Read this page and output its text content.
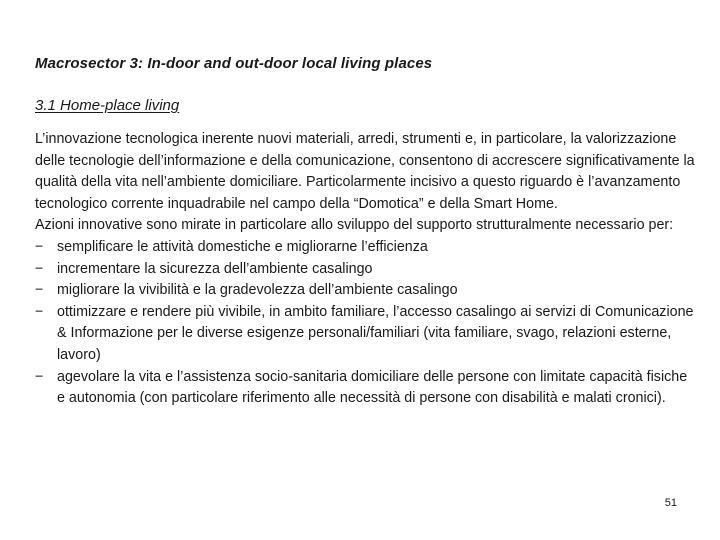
Macrosector 3: In-door and out-door local living places
3.1 Home-place living

L’innovazione tecnologica inerente nuovi materiali, arredi, strumenti e, in particolare, la valorizzazione delle tecnologie dell’informazione e della comunicazione, consentono di accrescere significativamente la qualità della vita nell’ambiente domiciliare. Particolarmente incisivo a questo riguardo è l’avanzamento tecnologico corrente inquadrabile nel campo della “Domotica” e della Smart Home.

Azioni innovative sono mirate in particolare allo sviluppo del supporto strutturalmente necessario per:

− semplificare le attività domestiche e migliorarne l’efficienza
− incrementare la sicurezza dell’ambiente casalingo
− migliorare la vivibilità e la gradevolezza dell’ambiente casalingo
− ottimizzare e rendere più vivibile, in ambito familiare, l’accesso casalingo ai servizi di Comunicazione & Informazione per le diverse esigenze personali/familiari (vita familiare, svago, relazioni esterne, lavoro)
− agevolare la vita e l’assistenza socio-sanitaria domiciliare delle persone con limitate capacità fisiche e autonomia (con particolare riferimento alle necessità di persone con disabilità e malati cronici).
51
